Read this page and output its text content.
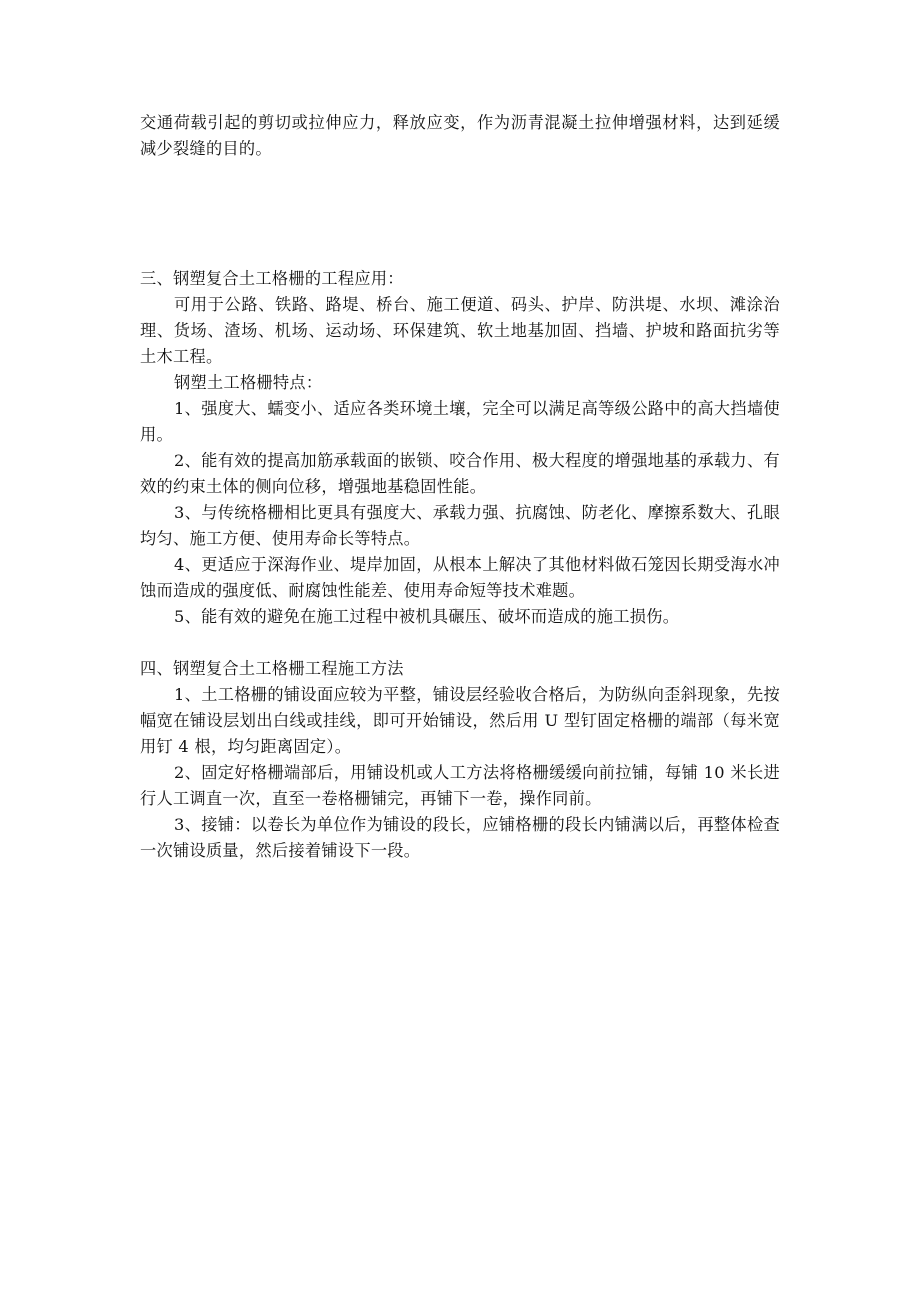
交通荷载引起的剪切或拉伸应力，释放应变，作为沥青混凝土拉伸增强材料，达到延缓减少裂缝的目的。

三、钢塑复合土工格栅的工程应用：

可用于公路、铁路、路堤、桥台、施工便道、码头、护岸、防洪堤、水坝、滩涂治理、货场、渣场、机场、运动场、环保建筑、软土地基加固、挡墙、护坡和路面抗劣等土木工程。

钢塑土工格栅特点：

1、强度大、蠕变小、适应各类环境土壤，完全可以满足高等级公路中的高大挡墙使用。

2、能有效的提高加筋承载面的嵌锁、咬合作用、极大程度的增强地基的承载力、有效的约束土体的侧向位移，增强地基稳固性能。

3、与传统格栅相比更具有强度大、承载力强、抗腐蚀、防老化、摩擦系数大、孔眼均匀、施工方便、使用寿命长等特点。

4、更适应于深海作业、堤岸加固，从根本上解决了其他材料做石笼因长期受海水冲蚀而造成的强度低、耐腐蚀性能差、使用寿命短等技术难题。

5、能有效的避免在施工过程中被机具碾压、破坏而造成的施工损伤。

四、钢塑复合土工格栅工程施工方法

1、土工格栅的铺设面应较为平整，铺设层经验收合格后，为防纵向歪斜现象，先按幅宽在铺设层划出白线或挂线，即可开始铺设，然后用 U 型钉固定格栅的端部（每米宽用钉 4 根，均匀距离固定）。

2、固定好格栅端部后，用铺设机或人工方法将格栅缓缓向前拉铺，每铺 10 米长进行人工调直一次，直至一卷格栅铺完，再铺下一卷，操作同前。

3、接铺：以卷长为单位作为铺设的段长，应铺格栅的段长内铺满以后，再整体检查一次铺设质量，然后接着铺设下一段。
